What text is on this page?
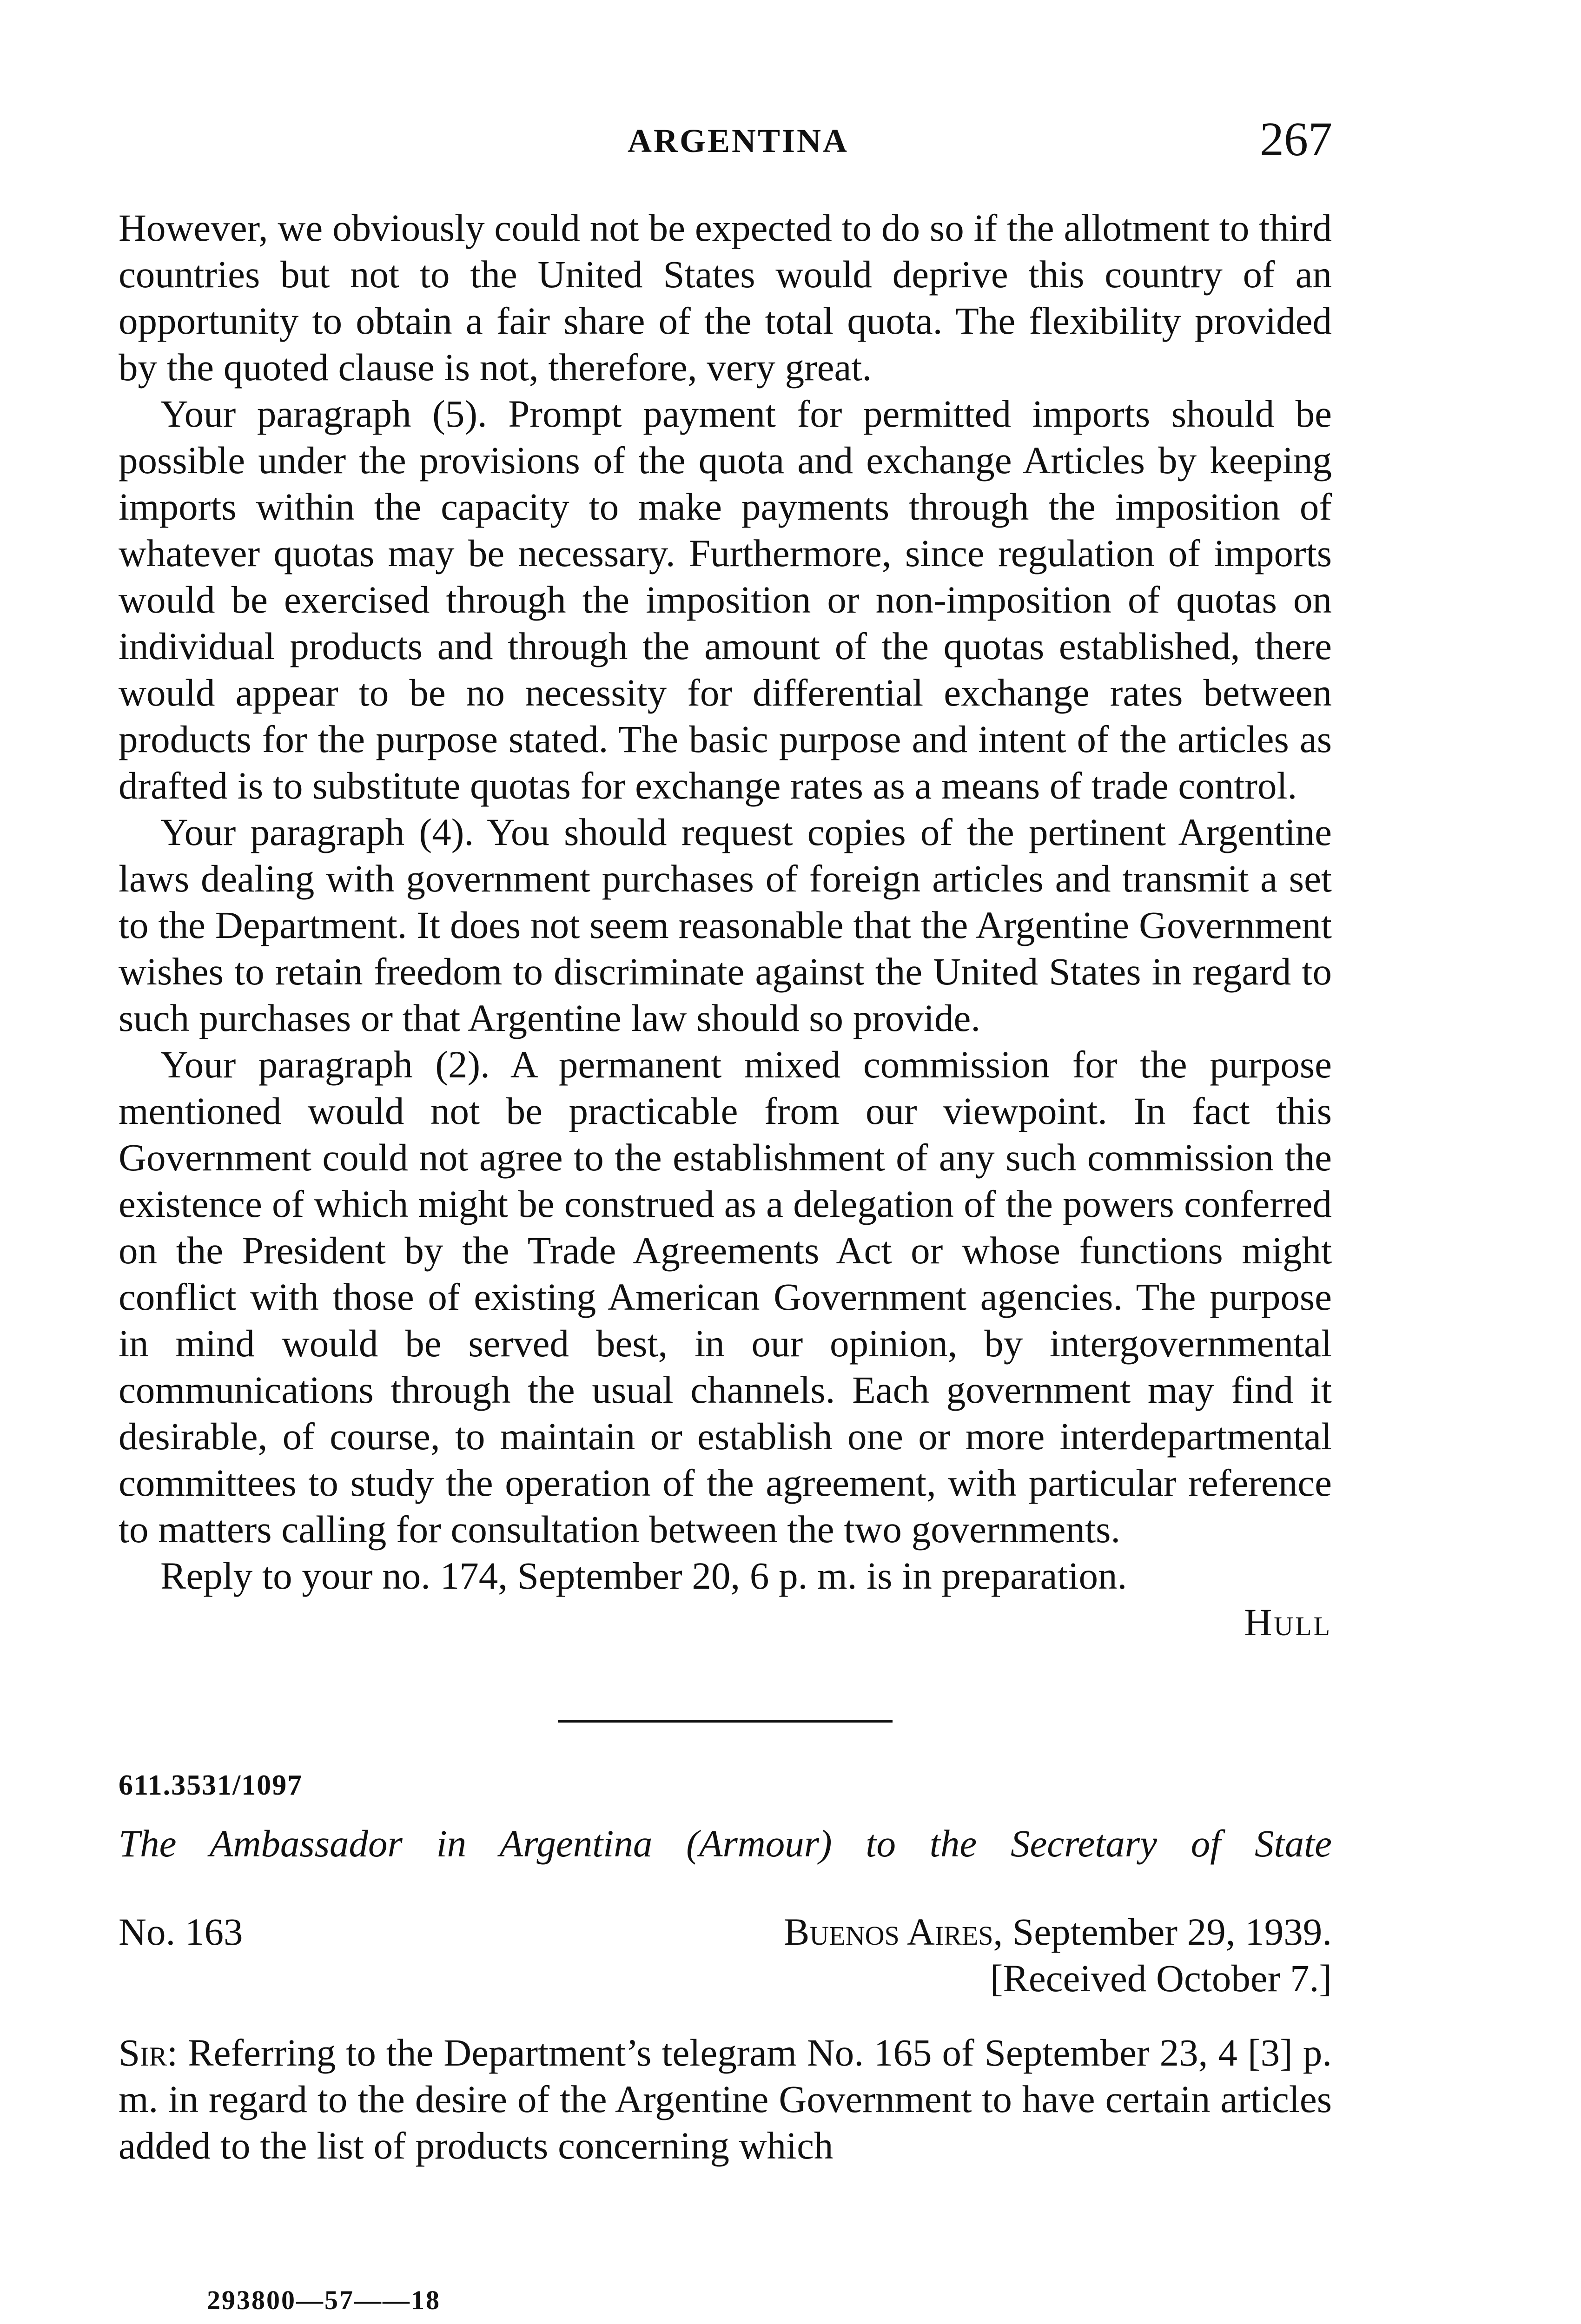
ARGENTINA	267

However, we obviously could not be expected to do so if the allotment to third countries but not to the United States would deprive this country of an opportunity to obtain a fair share of the total quota. The flexibility provided by the quoted clause is not, therefore, very great.

Your paragraph (5). Prompt payment for permitted imports should be possible under the provisions of the quota and exchange Articles by keeping imports within the capacity to make payments through the imposition of whatever quotas may be necessary. Furthermore, since regulation of imports would be exercised through the imposition or non-imposition of quotas on individual products and through the amount of the quotas established, there would appear to be no necessity for differential exchange rates between products for the purpose stated. The basic purpose and intent of the articles as drafted is to substitute quotas for exchange rates as a means of trade control.

Your paragraph (4). You should request copies of the pertinent Argentine laws dealing with government purchases of foreign articles and transmit a set to the Department. It does not seem reasonable that the Argentine Government wishes to retain freedom to discriminate against the United States in regard to such purchases or that Argentine law should so provide.

Your paragraph (2). A permanent mixed commission for the purpose mentioned would not be practicable from our viewpoint. In fact this Government could not agree to the establishment of any such commission the existence of which might be construed as a delegation of the powers conferred on the President by the Trade Agreements Act or whose functions might conflict with those of existing American Government agencies. The purpose in mind would be served best, in our opinion, by intergovernmental communications through the usual channels. Each government may find it desirable, of course, to maintain or establish one or more interdepartmental committees to study the operation of the agreement, with particular reference to matters calling for consultation between the two governments.

Reply to your no. 174, September 20, 6 p. m. is in preparation.

Hull
611.3531/1097
The Ambassador in Argentina (Armour) to the Secretary of State
No. 163	Buenos Aires, September 29, 1939.
[Received October 7.]

Sir: Referring to the Department’s telegram No. 165 of September 23, 4 [3] p. m. in regard to the desire of the Argentine Government to have certain articles added to the list of products concerning which

293800—57——18
